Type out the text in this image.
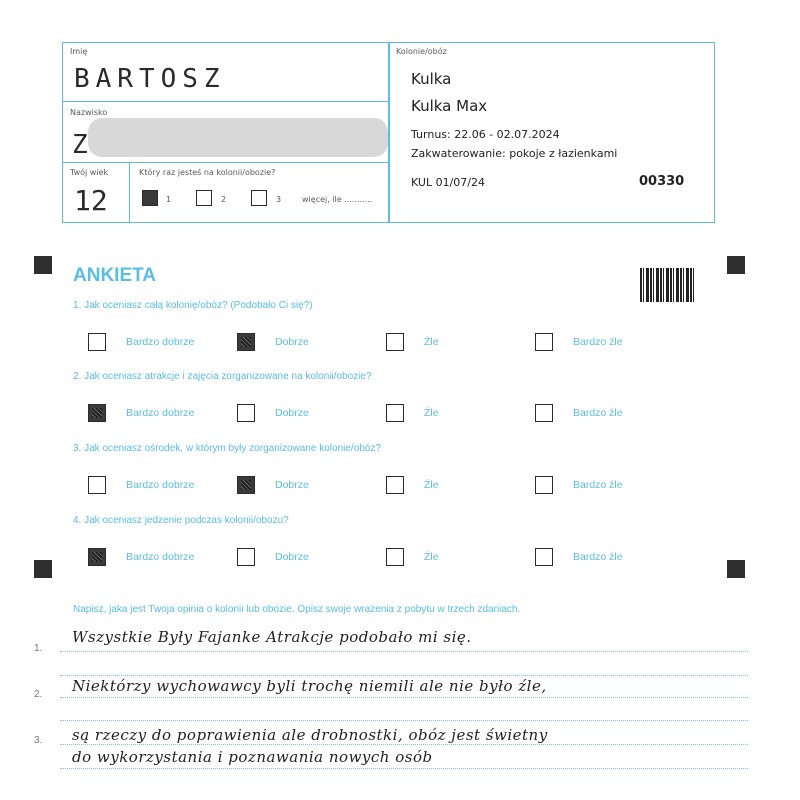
Imię
BARTOSZ
Nazwisko
Z
Twój wiek
12
Który raz jesteś na kolonii/obozie?
1	2	3	więcej, ile ...........
Kolonie/obóz
Kulka
Kulka Max
Turnus: 22.06 - 02.07.2024
Zakwaterowanie: pokoje z łazienkami
KUL 01/07/24	00330
ANKIETA
1. Jak oceniasz całą kolonię/obóz? (Podobało Ci się?)
Bardzo dobrze	Dobrze	Źle	Bardzo źle
2. Jak oceniasz atrakcje i zajęcia zorganizowane na kolonii/obozie?
Bardzo dobrze	Dobrze	Źle	Bardzo źle
3. Jak oceniasz ośrodek, w którym były zorganizowane kolonie/obóz?
Bardzo dobrze	Dobrze	Źle	Bardzo źle
4. Jak oceniasz jedzenie podczas kolonii/obozu?
Bardzo dobrze	Dobrze	Źle	Bardzo źle
Napisz, jaka jest Twoja opinia o kolonii lub obozie. Opisz swoje wrażenia z pobytu w trzech zdaniach.
1.
2.
3.
Wszystkie Były Fajanke Atrakcje podobało mi się.
Niektórzy wychowawcy byli trochę niemili ale nie było źle,
są rzeczy do poprawienia ale drobnostki, obóz jest świetny
do wykorzystania i poznawania nowych osób
